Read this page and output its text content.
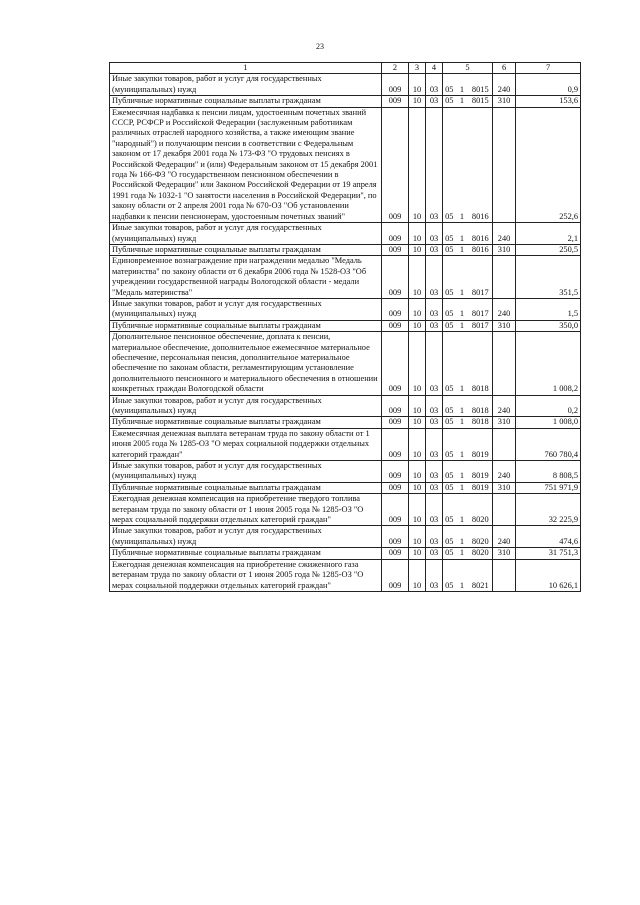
23
1	2	3	4	5			6	7
Иные закупки товаров, работ и услуг для государственных (муниципальных) нужд	009	10	03	05	1	8015	240	0,9
Публичные нормативные социальные выплаты гражданам	009	10	03	05	1	8015	310	153,6
Ежемесячная надбавка к пенсии лицам, удостоенным почетных званий СССР, РСФСР и Российской Федерации (заслуженным работникам различных отраслей народного хозяйства, а также имеющим звание "народный") и получающим пенсии в соответствии с Федеральным законом от 17 декабря 2001 года № 173-ФЗ "О трудовых пенсиях в Российской Федерации" и (или) Федеральным законом от 15 декабря 2001 года № 166-ФЗ "О государственном пенсионном обеспечении в Российской Федерации" или Законом Российской Федерации от 19 апреля 1991 года № 1032-1 "О занятости населения в Российской Федерации", по закону области от 2 апреля 2001 года № 670-ОЗ "Об установлении надбавки к пенсии пенсионерам, удостоенным почетных званий"	009	10	03	05	1	8016		252,6
Иные закупки товаров, работ и услуг для государственных (муниципальных) нужд	009	10	03	05	1	8016	240	2,1
Публичные нормативные социальные выплаты гражданам	009	10	03	05	1	8016	310	250,5
Единовременное вознаграждение при награждении медалью "Медаль материнства" по закону области от 6 декабря 2006 года № 1528-ОЗ "Об учреждении государственной награды Вологодской области - медали "Медаль материнства"	009	10	03	05	1	8017		351,5
Иные закупки товаров, работ и услуг для государственных (муниципальных) нужд	009	10	03	05	1	8017	240	1,5
Публичные нормативные социальные выплаты гражданам	009	10	03	05	1	8017	310	350,0
Дополнительное пенсионное обеспечение, доплата к пенсии, материальное обеспечение, дополнительное ежемесячное материальное обеспечение, персональная пенсия, дополнительное материальное обеспечение по законам области, регламентирующим установление дополнительного пенсионного и материального обеспечения в отношении конкретных граждан Вологодской области	009	10	03	05	1	8018		1 008,2
Иные закупки товаров, работ и услуг для государственных (муниципальных) нужд	009	10	03	05	1	8018	240	0,2
Публичные нормативные социальные выплаты гражданам	009	10	03	05	1	8018	310	1 008,0
Ежемесячная денежная выплата ветеранам труда по закону области от 1 июня 2005 года № 1285-ОЗ "О мерах социальной поддержки отдельных категорий граждан"	009	10	03	05	1	8019		760 780,4
Иные закупки товаров, работ и услуг для государственных (муниципальных) нужд	009	10	03	05	1	8019	240	8 808,5
Публичные нормативные социальные выплаты гражданам	009	10	03	05	1	8019	310	751 971,9
Ежегодная денежная компенсация на приобретение твердого топлива ветеранам труда по закону области от 1 июня 2005 года № 1285-ОЗ "О мерах социальной поддержки отдельных категорий граждан"	009	10	03	05	1	8020		32 225,9
Иные закупки товаров, работ и услуг для государственных (муниципальных) нужд	009	10	03	05	1	8020	240	474,6
Публичные нормативные социальные выплаты гражданам	009	10	03	05	1	8020	310	31 751,3
Ежегодная денежная компенсация на приобретение сжиженного газа ветеранам труда по закону области от 1 июня 2005 года № 1285-ОЗ "О мерах социальной поддержки отдельных категорий граждан"	009	10	03	05	1	8021		10 626,1
